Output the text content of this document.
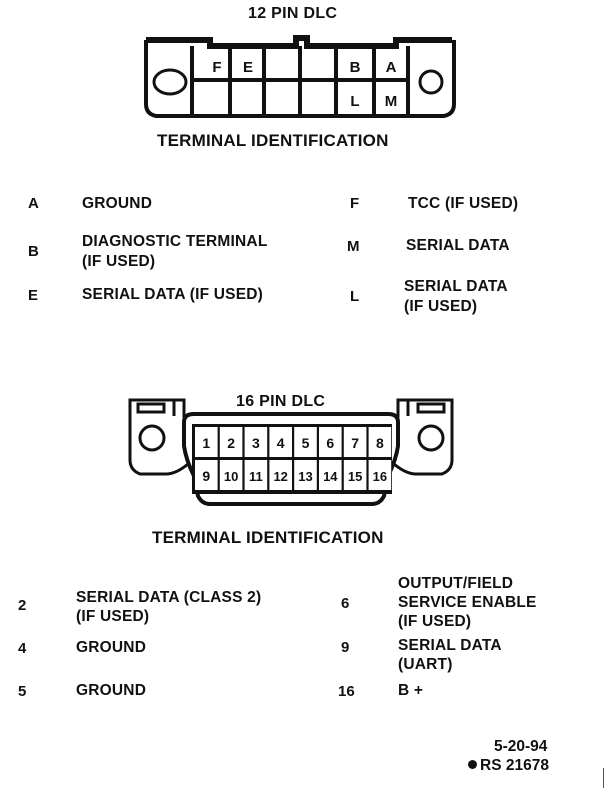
12 PIN DLC
F E	B A
L M
TERMINAL IDENTIFICATION
A	GROUND
B
DIAGNOSTIC TERMINAL
(IF USED)
E	SERIAL DATA (IF USED)
F	TCC (IF USED)
M	SERIAL DATA
L
SERIAL DATA
(IF USED)
16 PIN DLC
1 2 3 4 5 6 7 8
9 10 11 12 13 14 15 16
TERMINAL IDENTIFICATION
2	SERIAL DATA (CLASS 2)
(IF USED)
4	GROUND
5	GROUND
6
OUTPUT/FIELD
SERVICE ENABLE
(IF USED)
9	SERIAL DATA
(UART)
16	B +
5-20-94
RS 21678
